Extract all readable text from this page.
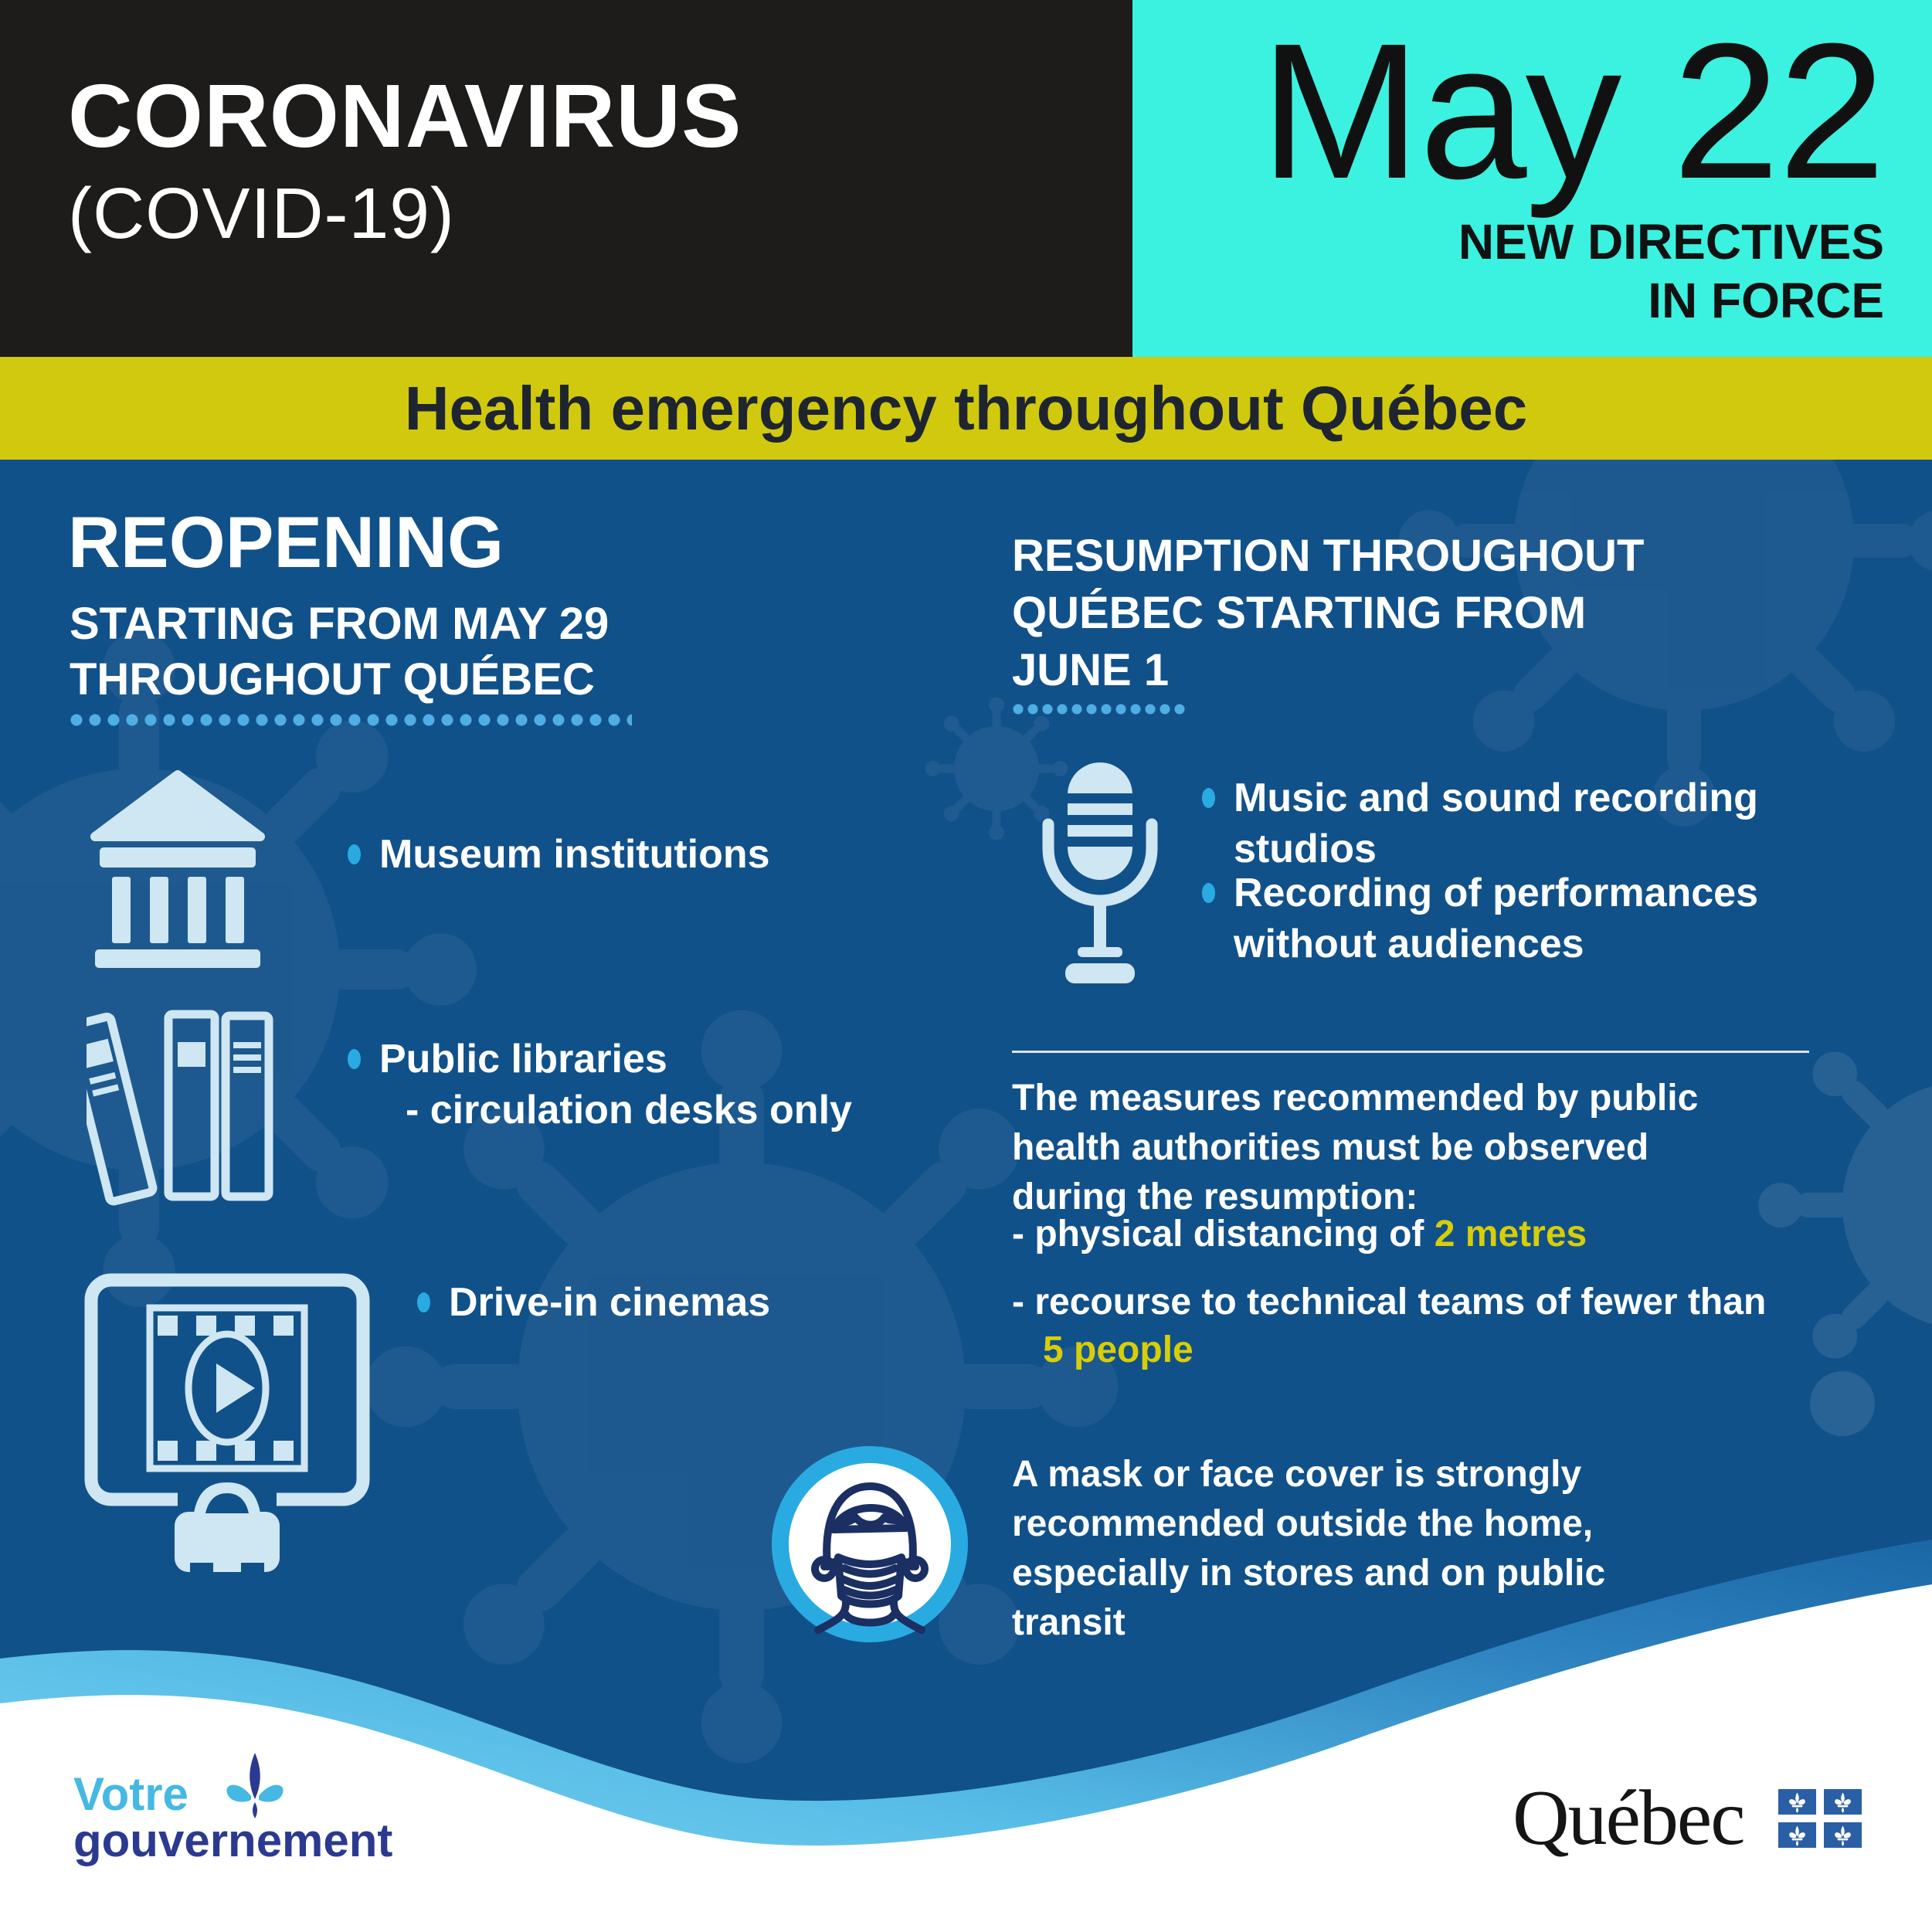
CORONAVIRUS
(COVID-19)	May 22
NEW DIRECTIVES
IN FORCE
Health emergency throughout Québec
REOPENING
STARTING FROM MAY 29
THROUGHOUT QUÉBEC
Museum institutions
Public libraries
- circulation desks only
Drive-in cinemas
RESUMPTION THROUGHOUT
QUÉBEC STARTING FROM
JUNE 1
Music and sound recording studios
Recording of performances without audiences
The measures recommended by public health authorities must be observed during the resumption:
- physical distancing of 2 metres
- recourse to technical teams of fewer than 5 people
A mask or face cover is strongly recommended outside the home, especially in stores and on public transit
Votre
gouvernement	Québec
